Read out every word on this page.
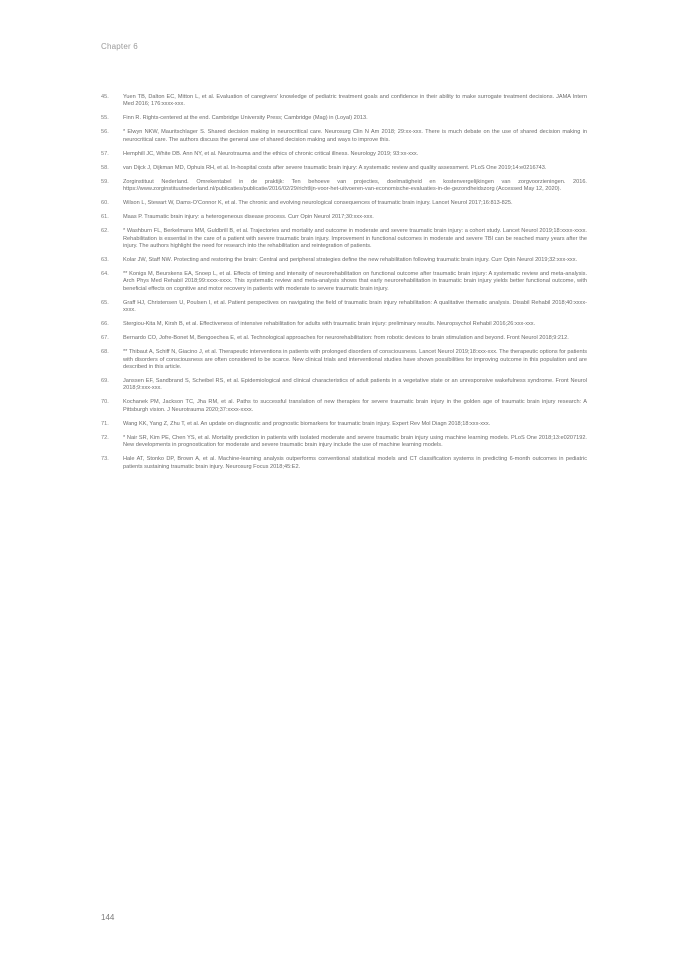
Chapter 6
45.	Yuen TB, Dalton EC, Mitton L, et al. Evaluation of caregivers' knowledge of pediatric treatment goals and confidence in their ability to make surrogate treatment decisions. JAMA Intern Med 2016; 176:xxxx-xxx.
55.	Finn R. Rights-centered at the end. Cambridge University Press; Cambridge (Mag) in (Loyal) 2013.
56.	* Elwyn NKW, Mauritschlager S. Shared decision making in neurocritical care. Neurosurg Clin N Am 2018; 29:xx-xxx. There is much debate on the use of shared decision making in neurocritical care. The authors discuss the general use of shared decision making and ways to improve this.
57.	Hemphill JC, White DB. Ann NY, et al. Neurotrauma and the ethics of chronic critical illness. Neurology 2019; 93:xx-xxx.
58.	van Dijck J, Dijkman MD, Ophuis RH, et al. In-hospital costs after severe traumatic brain injury: A systematic review and quality assessment. PLoS One 2019;14:e0216743.
59.	Zorginstituut Nederland. Omrekentabel in de praktijk: Ten behoeve van projecties, doelmatigheid en kostenvergelijkingen van zorgvoorzieningen. 2016. https://www.zorginstituutnederland.nl/publicaties/publicatie/2016/02/29/richtlijn-voor-het-uitvoeren-van-economische-evaluaties-in-de-gezondheidszorg (Accessed May 12, 2020).
60.	Wilson L, Stewart W, Dams-O'Connor K, et al. The chronic and evolving neurological consequences of traumatic brain injury. Lancet Neurol 2017;16:813-825.
61.	Maas P. Traumatic brain injury: a heterogeneous disease process. Curr Opin Neurol 2017;30:xxx-xxx.
62.	* Washburn FL, Berkelmans MM, Guldbrill B, et al. Trajectories and mortality and outcome in moderate and severe traumatic brain injury: a cohort study. Lancet Neurol 2019;18:xxxx-xxxx. Rehabilitation is essential in the care of a patient with severe traumatic brain injury. Improvement in functional outcomes in moderate and severe TBI can be reached many years after the injury. The authors highlight the need for research into the rehabilitation and reintegration of patients.
63.	Kolar JW, Staff NW. Protecting and restoring the brain: Central and peripheral strategies define the new rehabilitation following traumatic brain injury. Curr Opin Neurol 2019;32:xxx-xxx.
64.	** Konigs M, Beurskens EA, Snoep L, et al. Effects of timing and intensity of neurorehabilitation on functional outcome after traumatic brain injury: A systematic review and meta-analysis. Arch Phys Med Rehabil 2018;99:xxxx-xxxx. This systematic review and meta-analysis shows that early neurorehabilitation in traumatic brain injury yields better functional outcome, with beneficial effects on cognitive and motor recovery in patients with moderate to severe traumatic brain injury.
65.	Graff HJ, Christensen U, Poulsen I, et al. Patient perspectives on navigating the field of traumatic brain injury rehabilitation: A qualitative thematic analysis. Disabil Rehabil 2018;40:xxxx-xxxx.
66.	Stergiou-Kita M, Kirsh B, et al. Effectiveness of intensive rehabilitation for adults with traumatic brain injury: preliminary results. Neuropsychol Rehabil 2016;26:xxx-xxx.
67.	Bernardo CO, Jofre-Bonet M, Bengoechea E, et al. Technological approaches for neurorehabilitation: from robotic devices to brain stimulation and beyond. Front Neurol 2018;9:212.
68.	** Thibaut A, Schiff N, Giacino J, et al. Therapeutic interventions in patients with prolonged disorders of consciousness. Lancet Neurol 2019;18:xxx-xxx. The therapeutic options for patients with disorders of consciousness are often considered to be scarce. New clinical trials and interventional studies have shown possibilities for improving outcome in this population and are described in this article.
69.	Janssen EF, Sandbrand S, Scheibel RS, et al. Epidemiological and clinical characteristics of adult patients in a vegetative state or an unresponsive wakefulness syndrome. Front Neurol 2018;9:xxx-xxx.
70.	Kochanek PM, Jackson TC, Jha RM, et al. Paths to successful translation of new therapies for severe traumatic brain injury in the golden age of traumatic brain injury research: A Pittsburgh vision. J Neurotrauma 2020;37:xxxx-xxxx.
71.	Wang KK, Yang Z, Zhu T, et al. An update on diagnostic and prognostic biomarkers for traumatic brain injury. Expert Rev Mol Diagn 2018;18:xxx-xxx.
72.	* Nair SR, Kim PE, Chen YS, et al. Mortality prediction in patients with isolated moderate and severe traumatic brain injury using machine learning models. PLoS One 2018;13:e0207192. New developments in prognostication for moderate and severe traumatic brain injury include the use of machine learning models.
73.	Hale AT, Stonko DP, Brown A, et al. Machine-learning analysis outperforms conventional statistical models and CT classification systems in predicting 6-month outcomes in pediatric patients sustaining traumatic brain injury. Neurosurg Focus 2018;45:E2.
144
